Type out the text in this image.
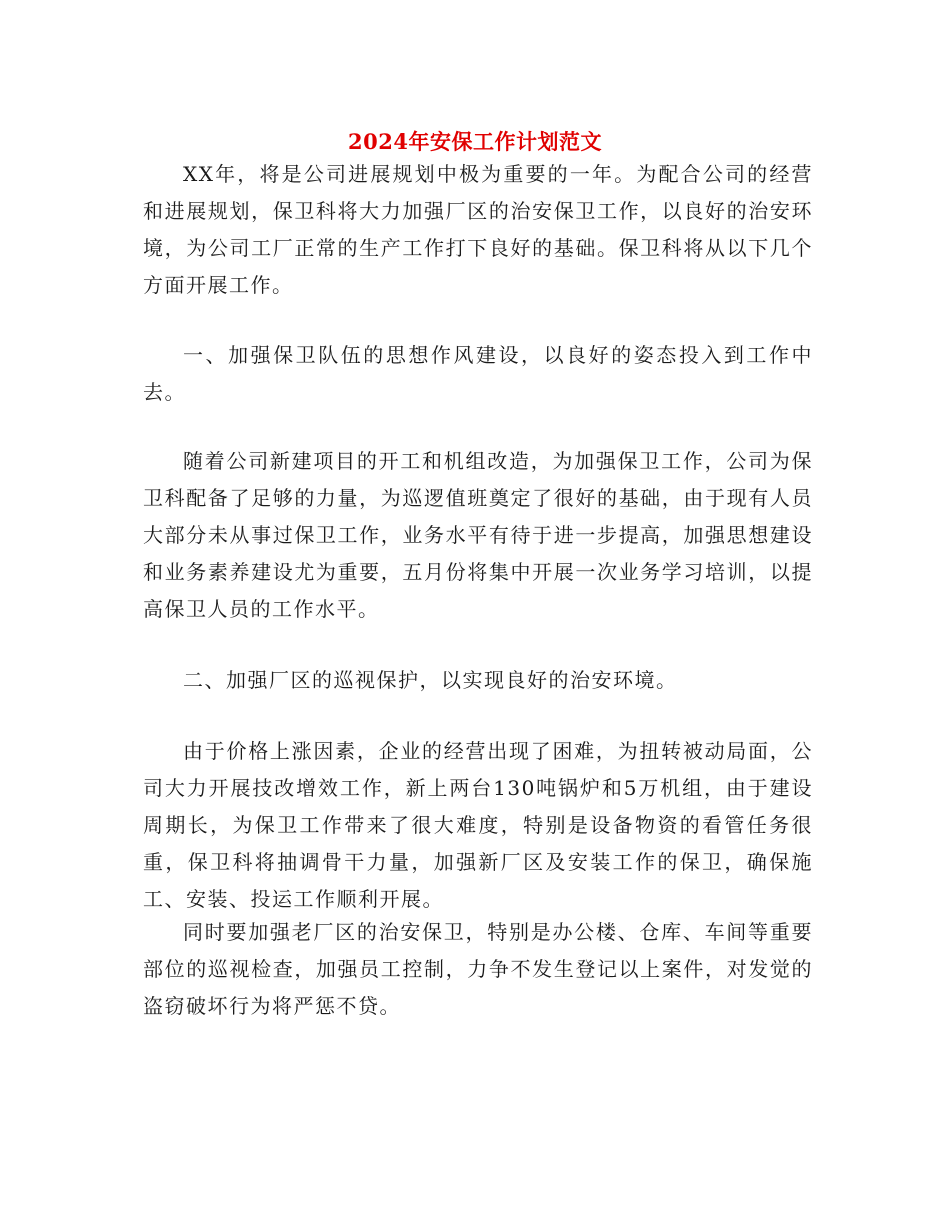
2024年安保工作计划范文

XX年，将是公司进展规划中极为重要的一年。为配合公司的经营和进展规划，保卫科将大力加强厂区的治安保卫工作，以良好的治安环境，为公司工厂正常的生产工作打下良好的基础。保卫科将从以下几个方面开展工作。

一、加强保卫队伍的思想作风建设，以良好的姿态投入到工作中去。

随着公司新建项目的开工和机组改造，为加强保卫工作，公司为保卫科配备了足够的力量，为巡逻值班奠定了很好的基础，由于现有人员大部分未从事过保卫工作，业务水平有待于进一步提高，加强思想建设和业务素养建设尤为重要，五月份将集中开展一次业务学习培训，以提高保卫人员的工作水平。

二、加强厂区的巡视保护，以实现良好的治安环境。

由于价格上涨因素，企业的经营出现了困难，为扭转被动局面，公司大力开展技改增效工作，新上两台130吨锅炉和5万机组，由于建设周期长，为保卫工作带来了很大难度，特别是设备物资的看管任务很重，保卫科将抽调骨干力量，加强新厂区及安装工作的保卫，确保施工、安装、投运工作顺利开展。

同时要加强老厂区的治安保卫，特别是办公楼、仓库、车间等重要部位的巡视检查，加强员工控制，力争不发生登记以上案件，对发觉的盗窃破坏行为将严惩不贷。
